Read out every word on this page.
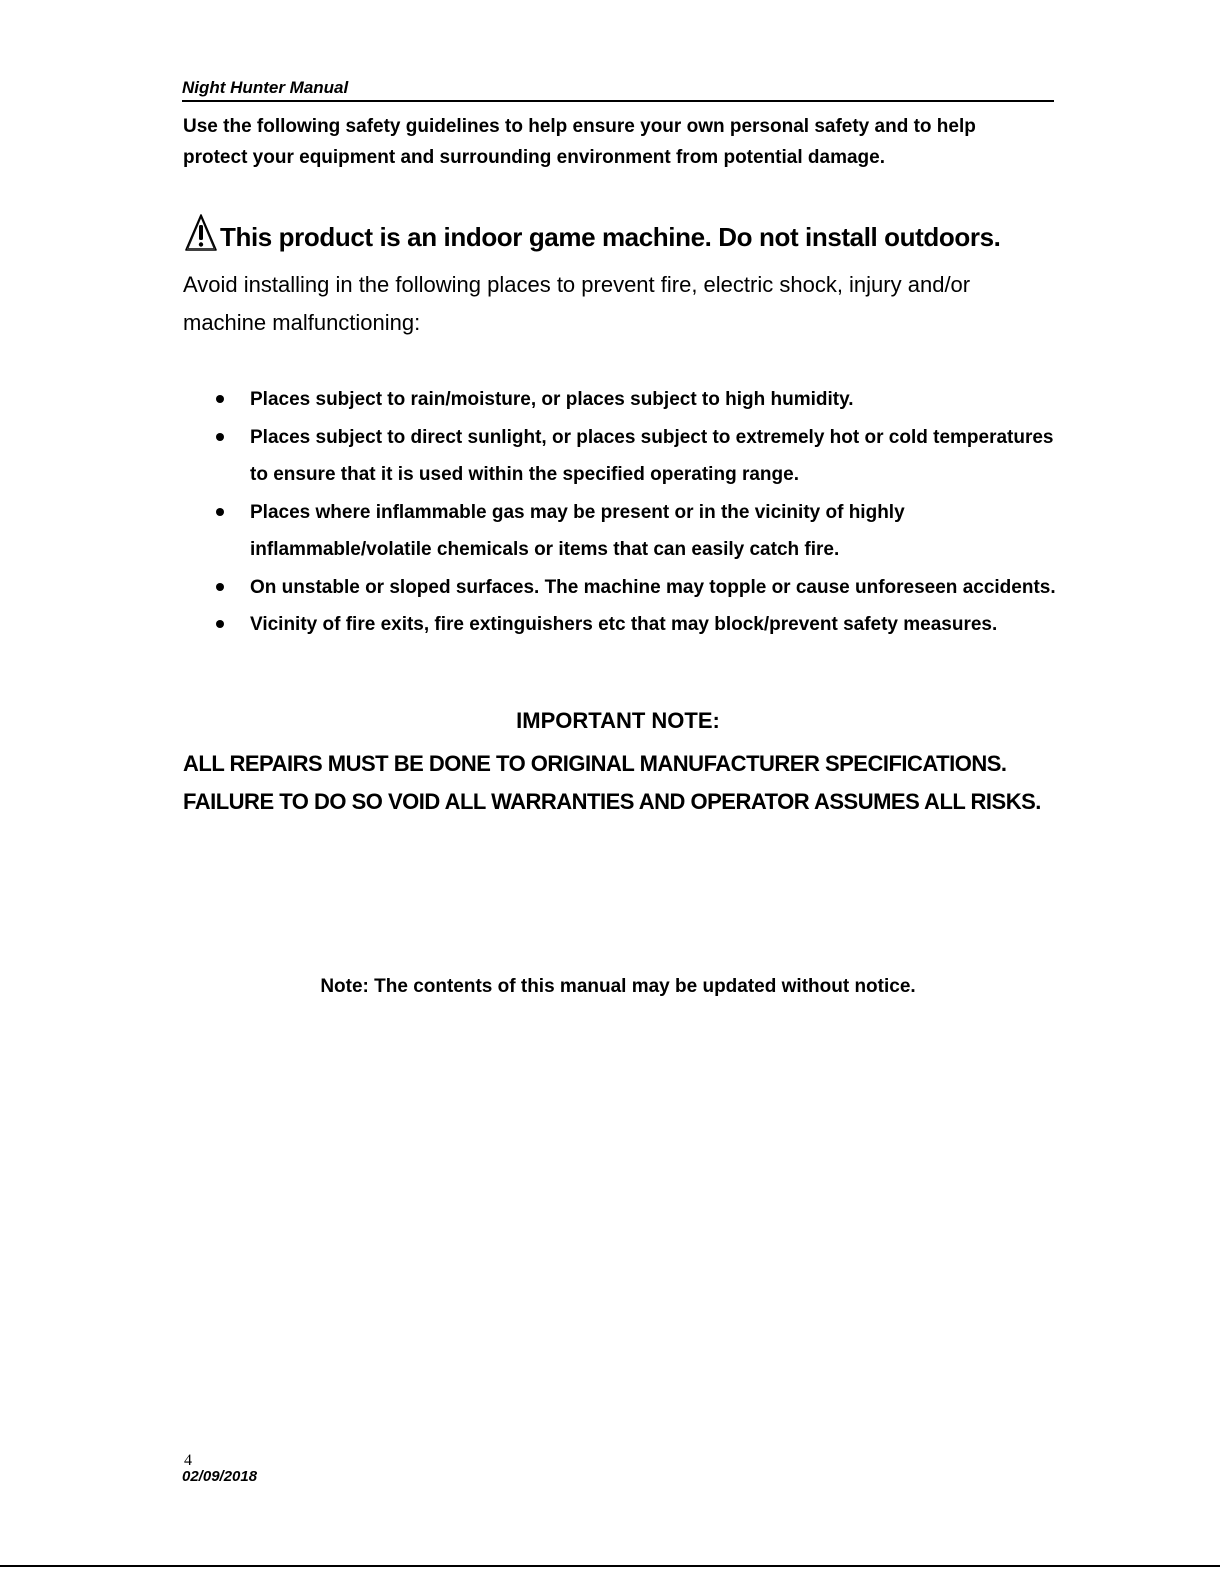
Night Hunter Manual
Use the following safety guidelines to help ensure your own personal safety and to help protect your equipment and surrounding environment from potential damage.
This product is an indoor game machine. Do not install outdoors.
Avoid installing in the following places to prevent fire, electric shock, injury and/or machine malfunctioning:
Places subject to rain/moisture, or places subject to high humidity.
Places subject to direct sunlight, or places subject to extremely hot or cold temperatures to ensure that it is used within the specified operating range.
Places where inflammable gas may be present or in the vicinity of highly inflammable/volatile chemicals or items that can easily catch fire.
On unstable or sloped surfaces. The machine may topple or cause unforeseen accidents.
Vicinity of fire exits, fire extinguishers etc that may block/prevent safety measures.
IMPORTANT NOTE:
ALL REPAIRS MUST BE DONE TO ORIGINAL MANUFACTURER SPECIFICATIONS. FAILURE TO DO SO VOID ALL WARRANTIES AND OPERATOR ASSUMES ALL RISKS.
Note: The contents of this manual may be updated without notice.
4
02/09/2018
